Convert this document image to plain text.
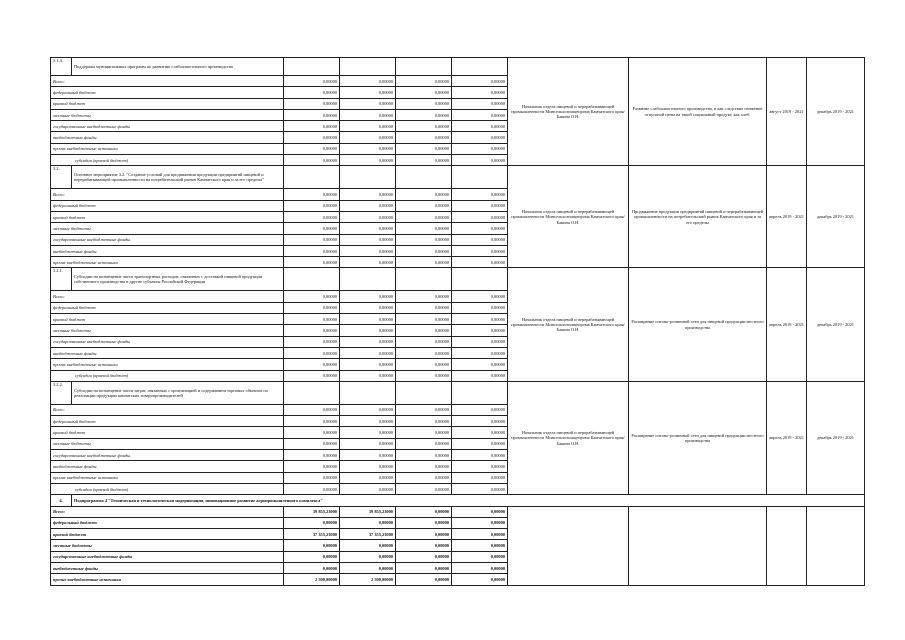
3.1.4.	Поддержка муниципальных программ по развитию слабоалкогольного производства					Начальник отдела пищевой и перерабатывающей промышленности Минсельхозпищепрома Камчатского края/ Бакина О.Н.	Развитие слабоалкогольного производства, и как следствие снижение отпускной цены на такой социальный продукт, как хлеб.	август 2019 - 2021	декабрь 2019 - 2021
Всего:		0,00000	0,00000	0,00000	0,00000				
федеральный бюджет		0,00000	0,00000	0,00000	0,00000				
краевой бюджет		0,00000	0,00000	0,00000	0,00000				
местные бюджеты		0,00000	0,00000	0,00000	0,00000				
государственные внебюджетные фонды		0,00000	0,00000	0,00000	0,00000				
внебюджетные фонды		0,00000	0,00000	0,00000	0,00000				
прочие внебюджетные источники		0,00000	0,00000	0,00000	0,00000				
субсидии (краевой бюджет)		0,00000	0,00000	0,00000	0,00000				
3.2.	Основное мероприятие 3.2. "Создание условий для продвижения продукции предприятий пищевой и перерабатывающей промышленности на потребительский рынок Камчатского края и за его пределы"					Начальник отдела пищевой и перерабатывающей промышленности Минсельхозпищепрома Камчатского края/ Бакина О.Н.	Продвижение продукции предприятий пищевой и перерабатывающей промышленности на потребительский рынок Камчатского края и за его пределы	апрель 2019 - 2021	декабрь 2019 - 2021
Всего:		0,00000	0,00000	0,00000	0,00000				
федеральный бюджет		0,00000	0,00000	0,00000	0,00000				
краевой бюджет		0,00000	0,00000	0,00000	0,00000				
местные бюджеты		0,00000	0,00000	0,00000	0,00000				
государственные внебюджетные фонды		0,00000	0,00000	0,00000	0,00000				
внебюджетные фонды		0,00000	0,00000	0,00000	0,00000				
прочие внебюджетные источники		0,00000	0,00000	0,00000	0,00000				
3.2.1.	Субсидии на возмещение части транспортных расходов, связанных с доставкой пищевой продукции собственного производства в другие субъекты Российской Федерации					Начальник отдела пищевой и перерабатывающей промышленности Минсельхозпищепрома Камчатского края/ Бакина О.Н.	Расширение оптово-розничной сети для пищевой продукции местного производства	апрель 2019 - 2021	декабрь 2019 - 2021
Всего:		0,00000	0,00000	0,00000	0,00000				
федеральный бюджет		0,00000	0,00000	0,00000	0,00000				
краевой бюджет		0,00000	0,00000	0,00000	0,00000				
местные бюджеты		0,00000	0,00000	0,00000	0,00000				
государственные внебюджетные фонды		0,00000	0,00000	0,00000	0,00000				
внебюджетные фонды		0,00000	0,00000	0,00000	0,00000				
прочие внебюджетные источники		0,00000	0,00000	0,00000	0,00000				
субсидии (краевой бюджет)		0,00000	0,00000	0,00000	0,00000				
3.2.2.	Субсидии на возмещение части затрат, связанных с организацией и содержанием торговых объектов по реализации продукции камчатских товаропроизводителей					Начальник отдела пищевой и перерабатывающей промышленности Минсельхозпищепрома Камчатского края/ Бакина О.Н.	Расширение оптово-розничной сети для пищевой продукции местного производства	апрель 2019 - 2021	декабрь 2019 - 2021
Всего:		0,00000	0,00000	0,00000	0,00000				
федеральный бюджет		0,00000	0,00000	0,00000	0,00000				
краевой бюджет		0,00000	0,00000	0,00000	0,00000				
местные бюджеты		0,00000	0,00000	0,00000	0,00000				
государственные внебюджетные фонды		0,00000	0,00000	0,00000	0,00000				
внебюджетные фонды		0,00000	0,00000	0,00000	0,00000				
прочие внебюджетные источники		0,00000	0,00000	0,00000	0,00000				
субсидии (краевой бюджет)		0,00000	0,00000	0,00000	0,00000				
4.	Подпрограмма 4 "Техническая и технологическая модернизация, инновационное развитие агропромышленного комплекса"								
Всего:		39 855,23000	39 855,23000	0,00000	0,00000				
федеральный бюджет		0,00000	0,00000	0,00000	0,00000				
краевой бюджет		37 355,23000	37 355,23000	0,00000	0,00000				
местные бюджеты		0,00000	0,00000	0,00000	0,00000				
государственные внебюджетные фонды		0,00000	0,00000	0,00000	0,00000				
внебюджетные фонды		0,00000	0,00000	0,00000	0,00000				
прочие внебюджетные источники		2 500,00000	2 500,00000	0,00000	0,00000				
